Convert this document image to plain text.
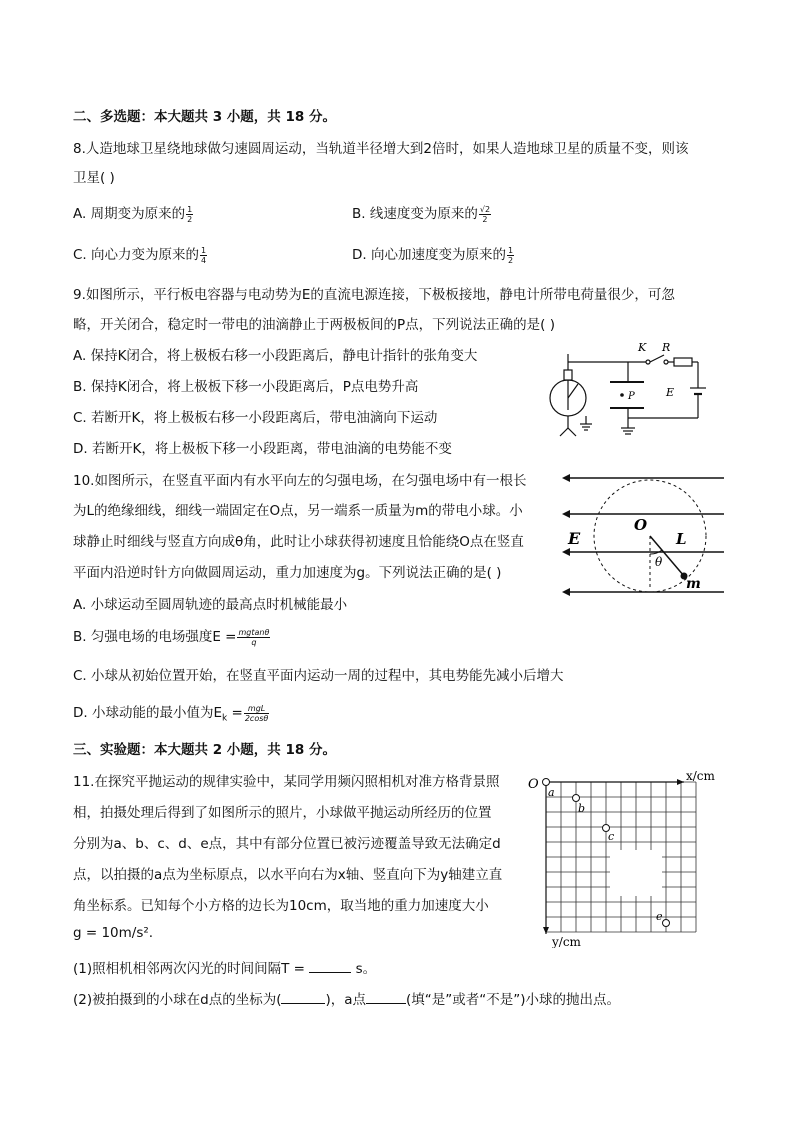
二、多选题：本大题共 3 小题，共 18 分。
8.人造地球卫星绕地球做匀速圆周运动，当轨道半径增大到2倍时，如果人造地球卫星的质量不变，则该
卫星( )
A. 周期变为原来的 $\frac{1}{2}$	B. 线速度变为原来的 $\frac{√2}{2}$
C. 向心力变为原来的 $\frac{1}{4}$	D. 向心加速度变为原来的 $\frac{1}{2}$
9.如图所示，平行板电容器与电动势为E的直流电源连接，下极板接地，静电计所带电荷量很少，可忽
略，开关闭合，稳定时一带电的油滴静止于两极板间的P点，下列说法正确的是( )
A. 保持K闭合，将上极板右移一小段距离后，静电计指针的张角变大
B. 保持K闭合，将上极板下移一小段距离后，P点电势升高
C. 若断开K，将上极板右移一小段距离后，带电油滴向下运动
D. 若断开K，将上极板下移一小段距离，带电油滴的电势能不变
P
K R
E
10.如图所示，在竖直平面内有水平向左的匀强电场，在匀强电场中有一根长
为L的绝缘细线，细线一端固定在O点，另一端系一质量为m的带电小球。小
球静止时细线与竖直方向成θ角，此时让小球获得初速度且恰能绕O点在竖直
平面内沿逆时针方向做圆周运动，重力加速度为g。下列说法正确的是( )
A. 小球运动至圆周轨迹的最高点时机械能最小
B. 匀强电场的电场强度$E = \frac{mgtan\theta}{q}$
C. 小球从初始位置开始，在竖直平面内运动一周的过程中，其电势能先减小后增大
D. 小球动能的最小值为$E_k = \frac{\text{mgL}}{2\cos\theta}$
E
O
L
θ
m
三、实验题：本大题共 2 小题，共 18 分。
11.在探究平抛运动的规律实验中，某同学用频闪照相机对准方格背景照
相，拍摄处理后得到了如图所示的照片，小球做平抛运动所经历的位置
分别为a、b、c、d、e点，其中有部分位置已被污迹覆盖导致无法确定d
点，以拍摄的a点为坐标原点，以水平向右为x轴、竖直向下为y轴建立直
角坐标系。已知每个小方格的边长为10cm，取当地的重力加速度大小
g = 10m/s².
(1)照相机相邻两次闪光的时间间隔T =	s。
(2)被拍摄到的小球在d点的坐标为(	)，a点	(填“是”或者“不是”)小球的抛出点。
O
x/cm
y/cm
a
b
c
e
